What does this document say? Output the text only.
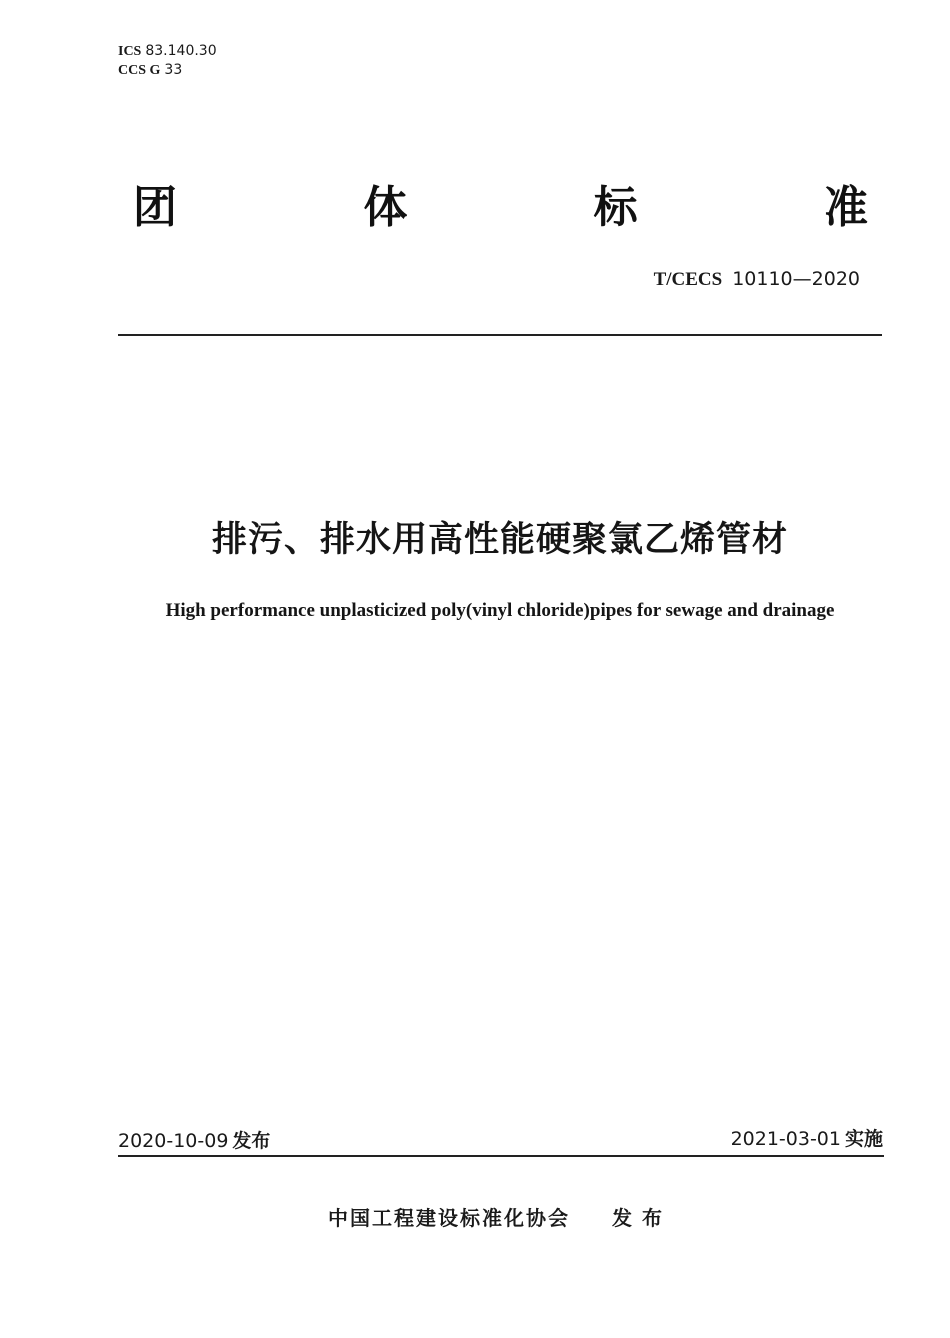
ICS 83.140.30
CCS G 33
团	体	标	准
T/CECS 10110—2020
排污、排水用高性能硬聚氯乙烯管材
High performance unplasticized poly(vinyl chloride)pipes for sewage and drainage
2020-10-09 发布	2021-03-01 实施
中国工程建设标准化协会 发布
